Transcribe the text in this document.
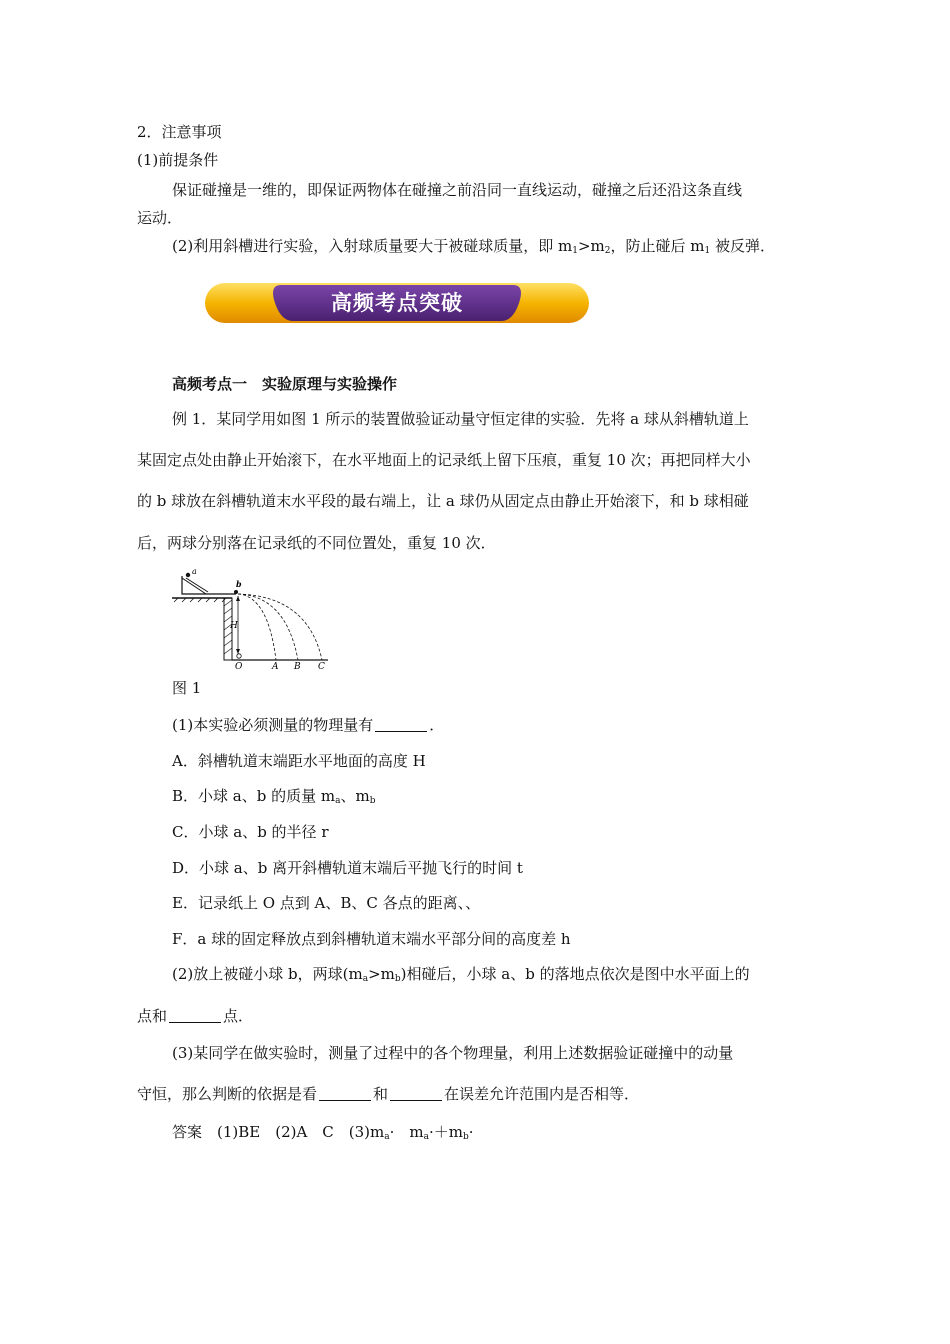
2．注意事项
(1)前提条件
保证碰撞是一维的，即保证两物体在碰撞之前沿同一直线运动，碰撞之后还沿这条直线
运动．
(2)利用斜槽进行实验，入射球质量要大于被碰球质量，即 $m_1>m_2$，防止碰后 $m_1$ 被反弹．
高频考点突破
高频考点一　实验原理与实验操作
例 1．某同学用如图 1 所示的装置做验证动量守恒定律的实验．先将 a 球从斜槽轨道上
某固定点处由静止开始滚下，在水平地面上的记录纸上留下压痕，重复 10 次；再把同样大小
的 b 球放在斜槽轨道末水平段的最右端上，让 a 球仍从固定点由静止开始滚下，和 b 球相碰
后，两球分别落在记录纸的不同位置处，重复 10 次．
a
b
H
O	A B C
图 1
(1)本实验必须测量的物理量有	．
A．斜槽轨道末端距水平地面的高度 H
B．小球 a、b 的质量 $m_a$、$m_b$
C．小球 a、b 的半径 r
D．小球 a、b 离开斜槽轨道末端后平抛飞行的时间 t
E．记录纸上 O 点到 A、B、C 各点的距离、、
F．a 球的固定释放点到斜槽轨道末端水平部分间的高度差 h
(2)放上被碰小球 b，两球$(m_a>m_b)$相碰后，小球 a、b 的落地点依次是图中水平面上的
点和	点．
(3)某同学在做实验时，测量了过程中的各个物理量，利用上述数据验证碰撞中的动量
守恒，那么判断的依据是看	和	在误差允许范围内是否相等．
答案　(1)BE　(2)A　C　$(3)m_a\cdot$　$m_a\cdot+m_b\cdot$
